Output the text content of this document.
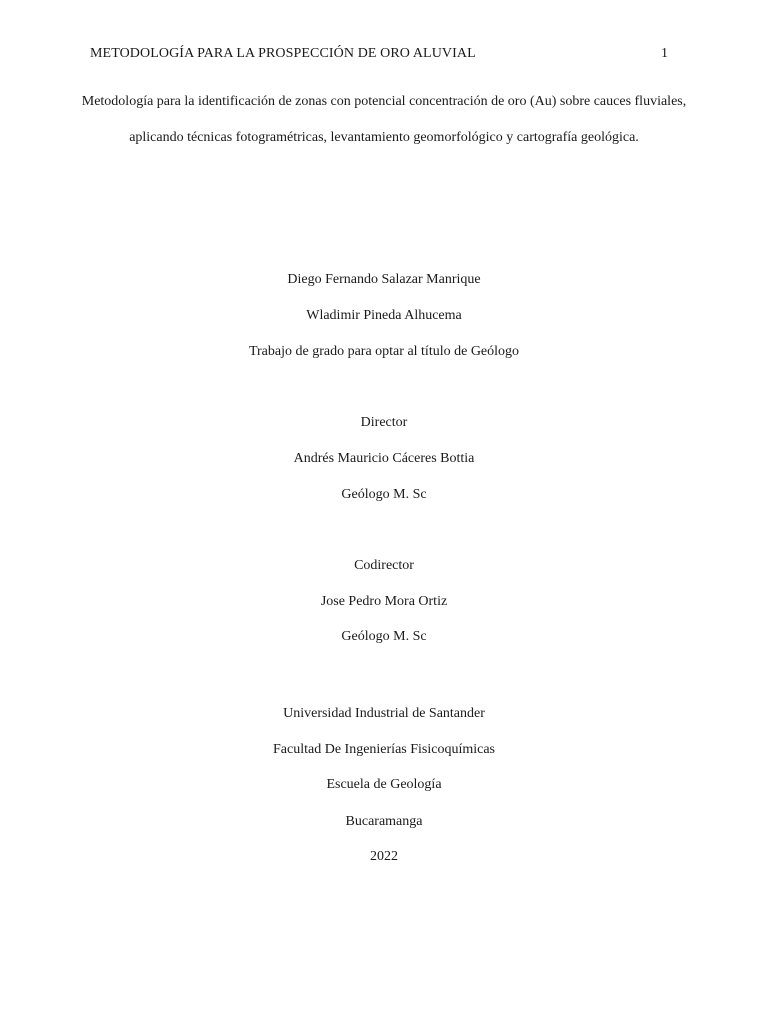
METODOLOGÍA PARA LA PROSPECCIÓN DE ORO ALUVIAL	1
Metodología para la identificación de zonas con potencial concentración de oro (Au) sobre cauces fluviales, aplicando técnicas fotogramétricas, levantamiento geomorfológico y cartografía geológica.
Diego Fernando Salazar Manrique
Wladimir Pineda Alhucema
Trabajo de grado para optar al título de Geólogo
Director
Andrés Mauricio Cáceres Bottia
Geólogo M. Sc
Codirector
Jose Pedro Mora Ortiz
Geólogo M. Sc
Universidad Industrial de Santander
Facultad De Ingenierías Fisicoquímicas
Escuela de Geología
Bucaramanga
2022
